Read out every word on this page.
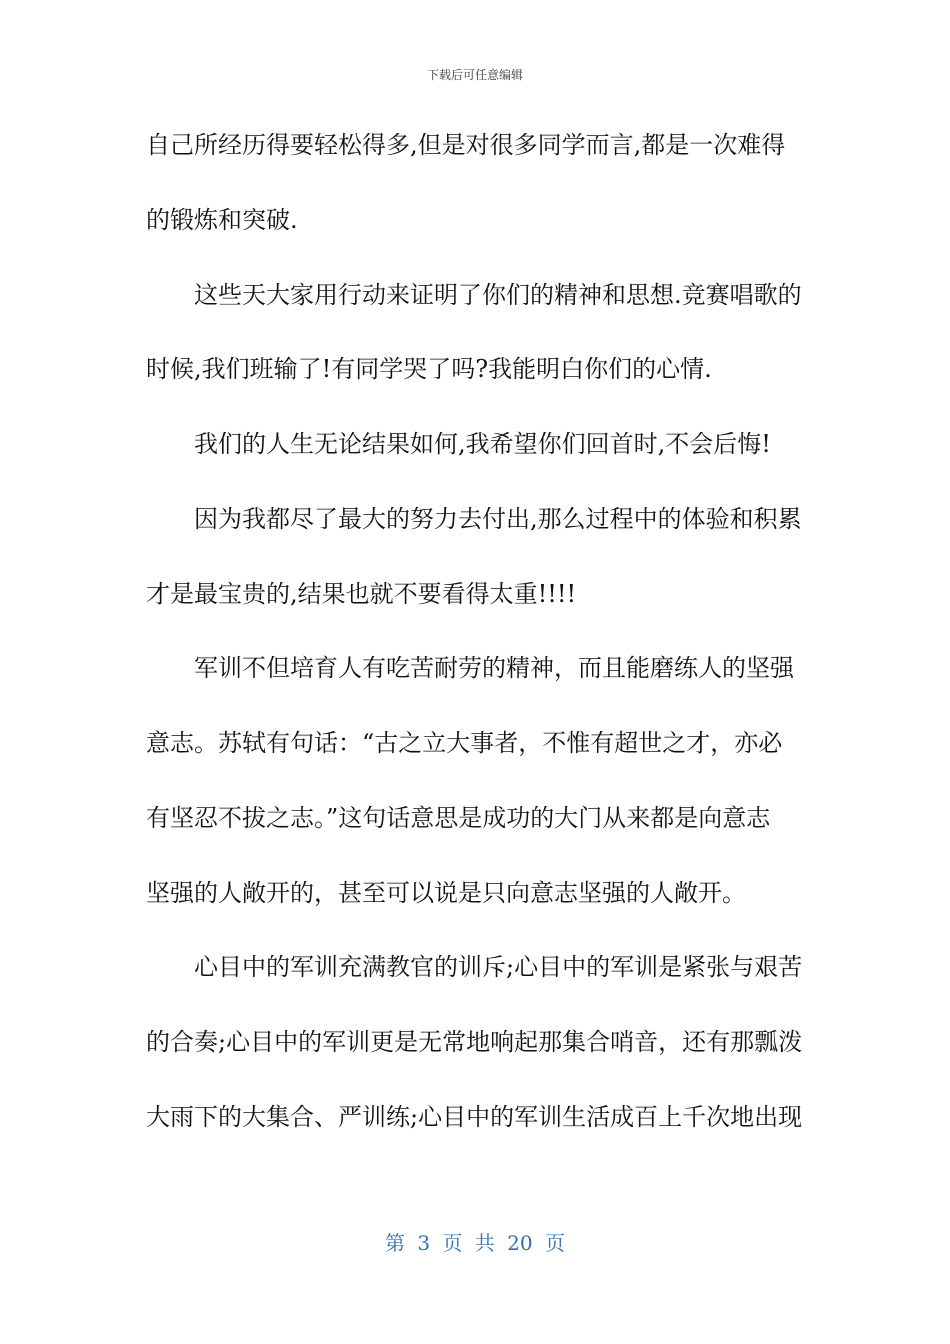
下载后可任意编辑
自己所经历得要轻松得多,但是对很多同学而言,都是一次难得
的锻炼和突破.
这些天大家用行动来证明了你们的精神和思想.竞赛唱歌的
时候,我们班输了!有同学哭了吗?我能明白你们的心情.
我们的人生无论结果如何,我希望你们回首时,不会后悔!
因为我都尽了最大的努力去付出,那么过程中的体验和积累
才是最宝贵的,结果也就不要看得太重!!!!
军训不但培育人有吃苦耐劳的精神，而且能磨练人的坚强
意志。苏轼有句话：“古之立大事者，不惟有超世之才，亦必
有坚忍不拔之志。”这句话意思是成功的大门从来都是向意志
坚强的人敞开的，甚至可以说是只向意志坚强的人敞开。
心目中的军训充满教官的训斥;心目中的军训是紧张与艰苦
的合奏;心目中的军训更是无常地响起那集合哨音，还有那瓢泼
大雨下的大集合、严训练;心目中的军训生活成百上千次地出现
第 3 页 共 20 页
